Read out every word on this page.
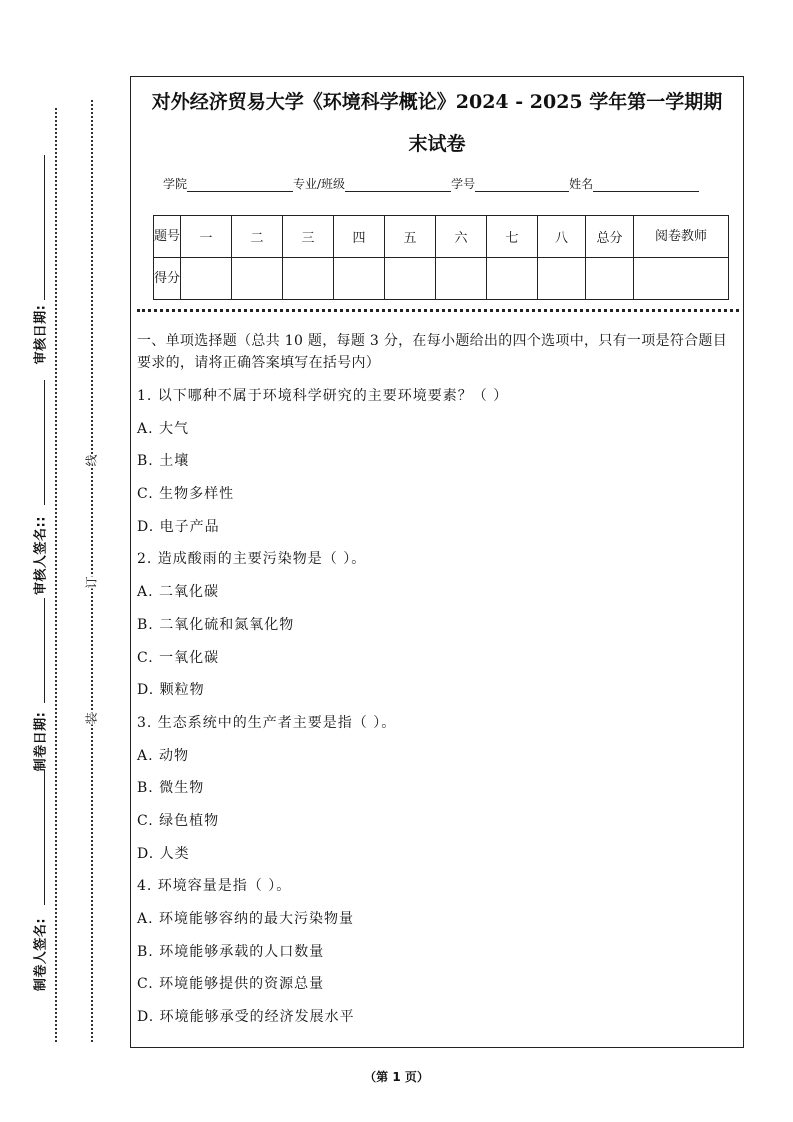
审核日期:
审核人签名::
制卷日期:
制卷人签名:
线
订
装
对外经济贸易大学《环境科学概论》2024 - 2025 学年第一学期期
末试卷
学院	专业/班级	学号	姓名
题号	一	二	三	四	五	六	七	八	总分	阅卷教师
得分										
一、单项选择题（总共 10 题，每题 3 分，在每小题给出的四个选项中，只有一项是符合题目要求的，请将正确答案填写在括号内）
1. 以下哪种不属于环境科学研究的主要环境要素？（ ）
A. 大气
B. 土壤
C. 生物多样性
D. 电子产品
2. 造成酸雨的主要污染物是（ ）。
A. 二氧化碳
B. 二氧化硫和氮氧化物
C. 一氧化碳
D. 颗粒物
3. 生态系统中的生产者主要是指（ ）。
A. 动物
B. 微生物
C. 绿色植物
D. 人类
4. 环境容量是指（ ）。
A. 环境能够容纳的最大污染物量
B. 环境能够承载的人口数量
C. 环境能够提供的资源总量
D. 环境能够承受的经济发展水平
（第 1 页）
